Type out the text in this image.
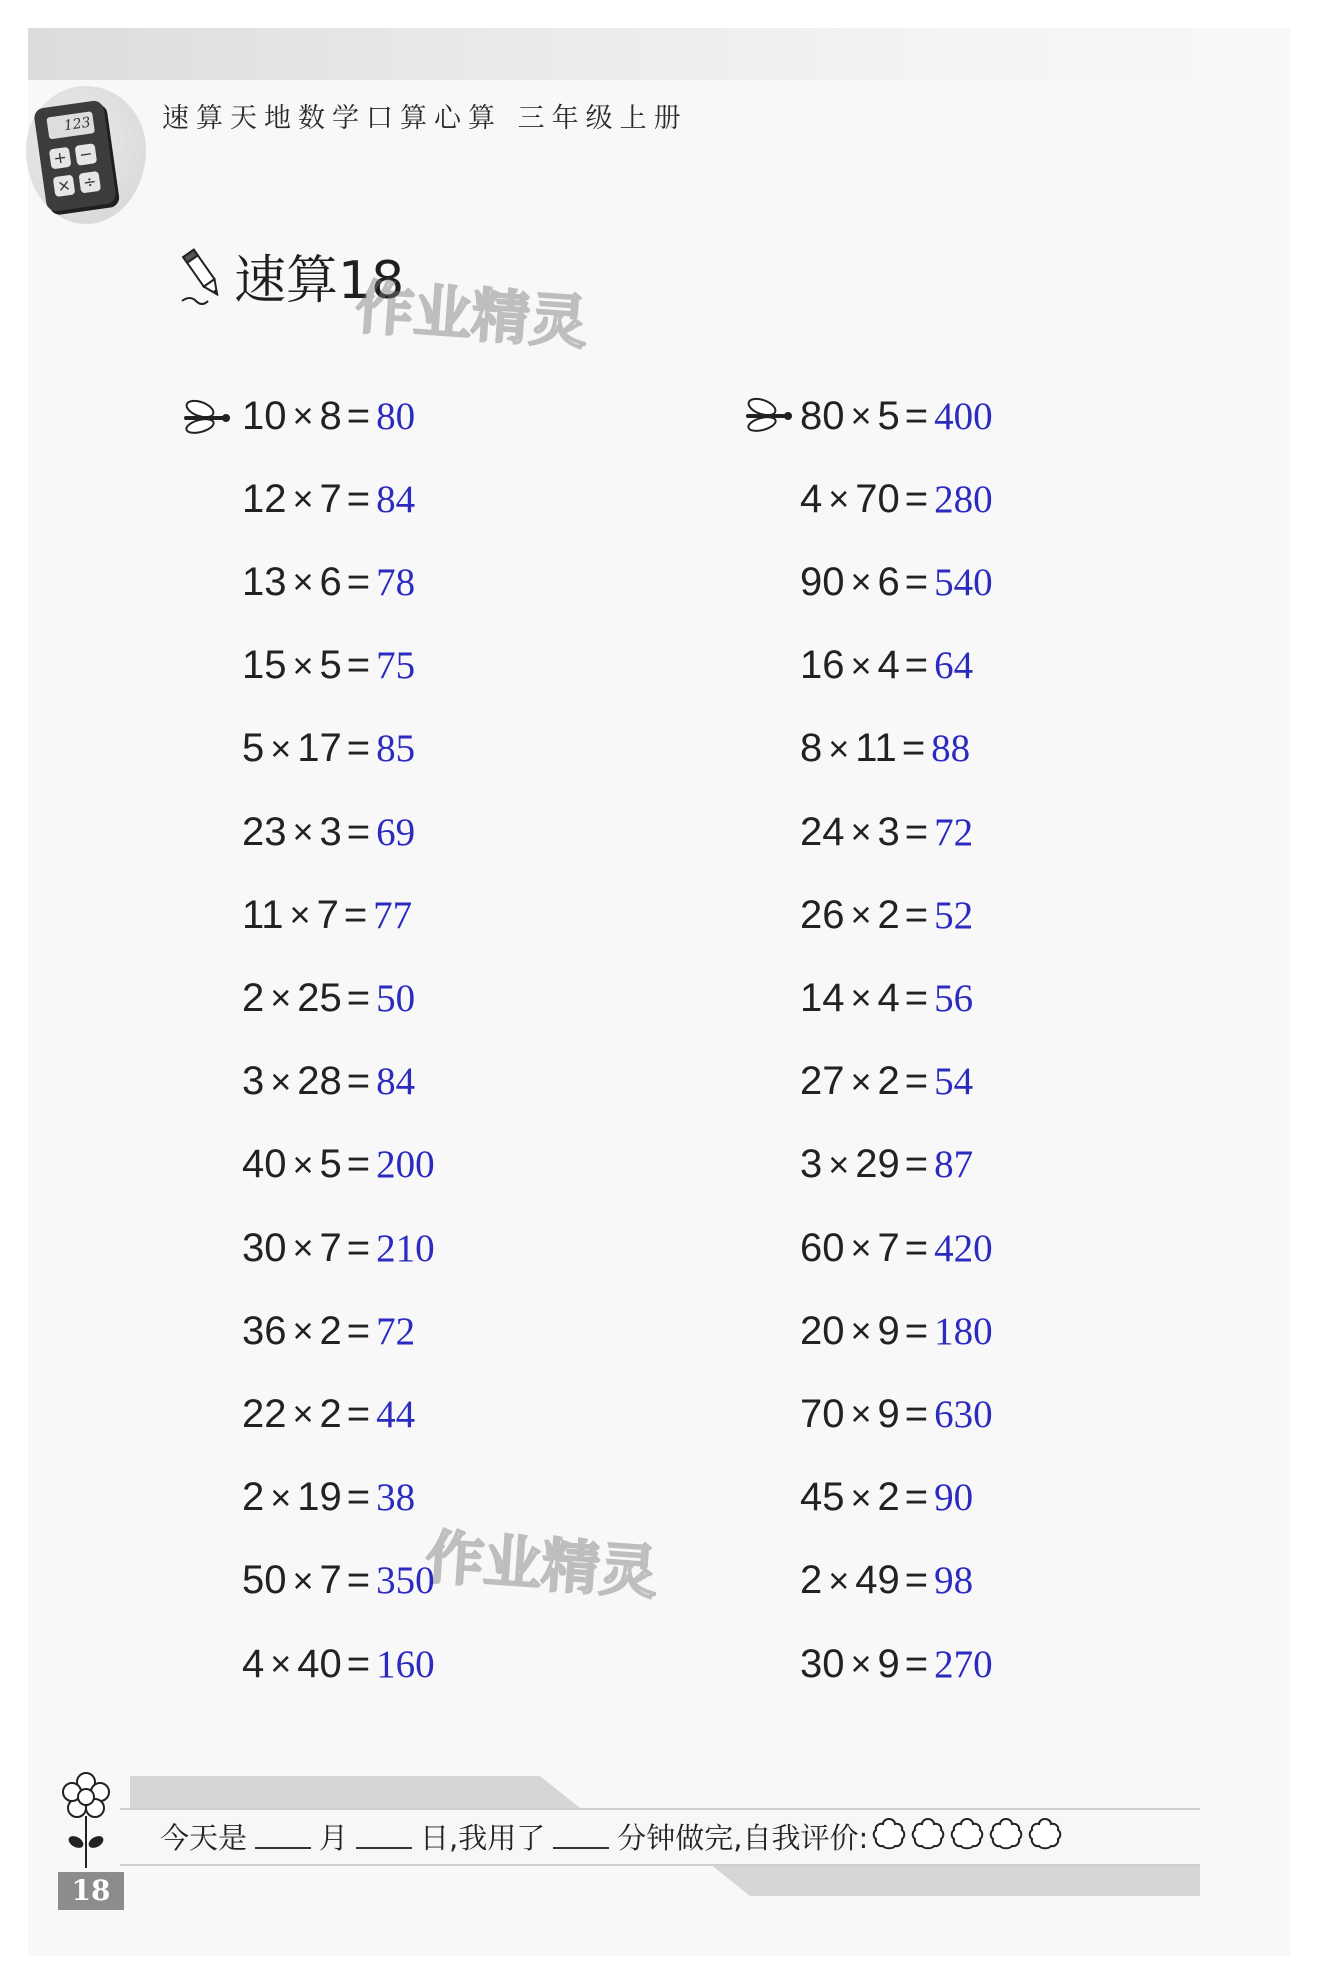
123
+ −
× ÷
速算天地数学口算心算 三年级上册
速算18
10 × 8 = 80
12 × 7 = 84
13 × 6 = 78
15 × 5 = 75
5 × 17 = 85
23 × 3 = 69
11 × 7 = 77
2 × 25 = 50
3 × 28 = 84
40 × 5 = 200
30 × 7 = 210
36 × 2 = 72
22 × 2 = 44
2 × 19 = 38
50 × 7 = 350
4 × 40 = 160
80 × 5 = 400
4 × 70 = 280
90 × 6 = 540
16 × 4 = 64
8 × 11 = 88
24 × 3 = 72
26 × 2 = 52
14 × 4 = 56
27 × 2 = 54
3 × 29 = 87
60 × 7 = 420
20 × 9 = 180
70 × 9 = 630
45 × 2 = 90
2 × 49 = 98
30 × 9 = 270
今天是 月 日,我用了 分钟做完,自我评价:
18
